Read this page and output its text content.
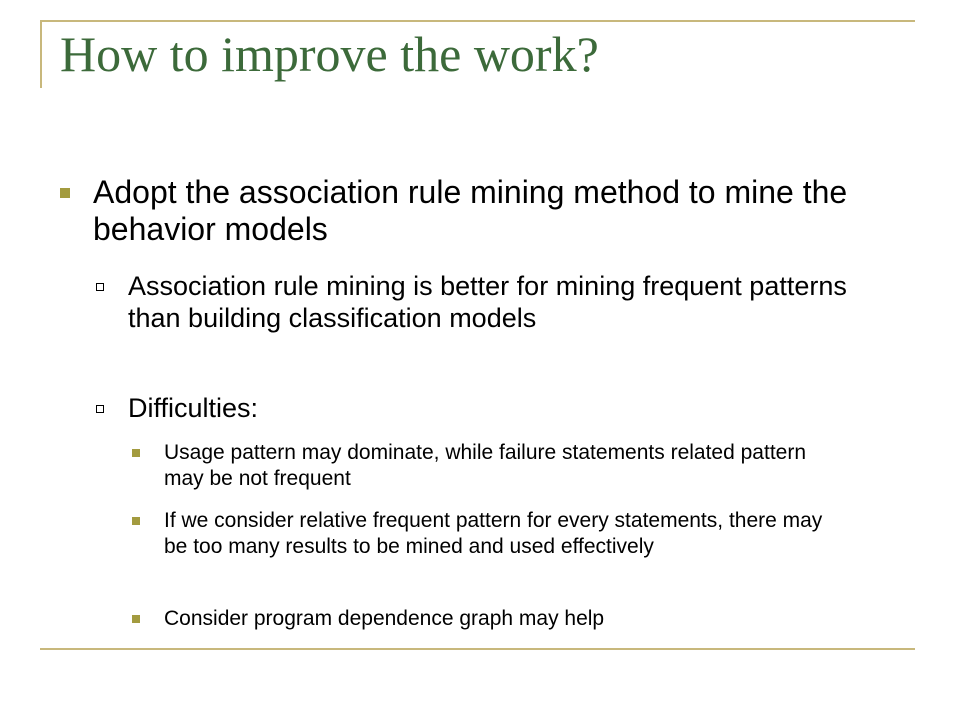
How to improve the work?
Adopt the association rule mining method to mine the behavior models
Association rule mining is better for mining frequent patterns than building classification models
Difficulties:
Usage pattern may dominate, while failure statements related pattern may be not frequent
If we consider relative frequent pattern for every statements, there may be too many results to be mined and used effectively
Consider program dependence graph may help
